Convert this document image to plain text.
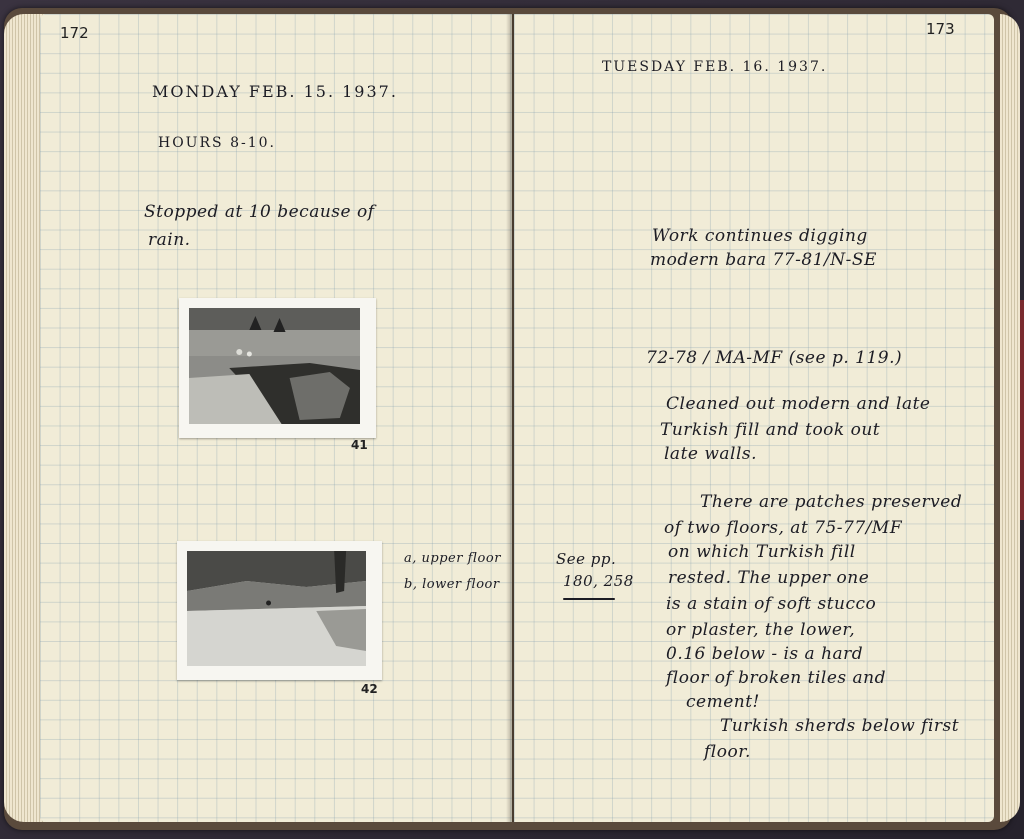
172
MONDAY FEB. 15. 1937.
HOURS 8-10.
Stopped at 10 because of
rain.
41
42
a, upper floor
b, lower floor
173
TUESDAY FEB. 16. 1937.
Work continues digging
modern bara 77-81/N-SE
72-78 / MA-MF (see p. 119.)
Cleaned out modern and late
Turkish fill and took out
late walls.
See pp.
180, 258
There are patches preserved
of two floors, at 75-77/MF
on which Turkish fill
rested. The upper one
is a stain of soft stucco
or plaster, the lower,
0.16 below - is a hard
floor of broken tiles and
cement!
Turkish sherds below first
floor.
